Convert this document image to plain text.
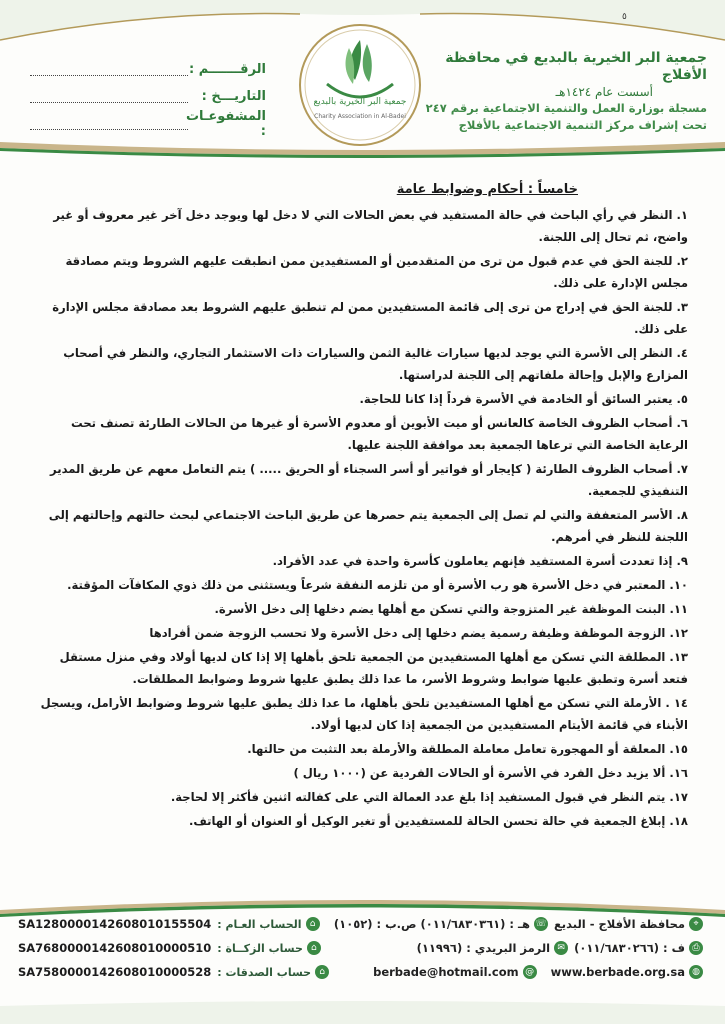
٥
جمعية البر الخيرية بالبديع في محافظة الأفلاج
أسست عام ١٤٢٤هـ
مسجلة بوزارة العمل والتنمية الاجتماعية برقم ٢٤٧
تحت إشراف مركز التنمية الاجتماعية بالأفلاج
جمعية البر الخيرية بالبديع
Charity Association in Al-Badei
الرقـــــــم :
التاريـــخ :
المشفوعـات :
خامساً : أحكام وضوابط عامة
١. النظر في رأي الباحث في حالة المستفيد في بعض الحالات التي لا دخل لها ويوجد دخل آخر غير معروف أو غير واضح، ثم تحال إلى اللجنة.
٢. للجنة الحق في عدم قبول من ترى من المتقدمين أو المستفيدين ممن انطبقت عليهم الشروط ويتم مصادقة مجلس الإدارة على ذلك.
٣. للجنة الحق في إدراج من ترى إلى قائمة المستفيدين ممن لم تنطبق عليهم الشروط بعد مصادقة مجلس الإدارة على ذلك.
٤. النظر إلى الأسرة التي يوجد لديها سيارات غالية الثمن والسيارات ذات الاستثمار التجاري، والنظر في أصحاب المزارع والإبل وإحالة ملفاتهم إلى اللجنة لدراستها.
٥. يعتبر السائق أو الخادمة في الأسرة فرداً إذا كانا للحاجة.
٦. أصحاب الظروف الخاصة كالعانس أو ميت الأبوين أو معدوم الأسرة أو غيرها من الحالات الطارئة تصنف تحت الرعاية الخاصة التي ترعاها الجمعية بعد موافقة اللجنة عليها.
٧. أصحاب الظروف الطارئة ( كإيجار أو فواتير أو أسر السجناء أو الحريق ..... ) يتم التعامل معهم عن طريق المدير التنفيذي للجمعية.
٨. الأسر المتعففة والتي لم تصل إلى الجمعية يتم حصرها عن طريق الباحث الاجتماعي لبحث حالتهم وإحالتهم إلى اللجنة للنظر في أمرهم.
٩. إذا تعددت أسرة المستفيد فإنهم يعاملون كأسرة واحدة في عدد الأفراد.
١٠. المعتبر في دخل الأسرة هو رب الأسرة أو من تلزمه النفقة شرعاً ويستثنى من ذلك ذوي المكافآت المؤقتة.
١١. البنت الموظفة غير المتزوجة والتي تسكن مع أهلها يضم دخلها إلى دخل الأسرة.
١٢. الزوجة الموظفة وظيفة رسمية يضم دخلها إلى دخل الأسرة ولا تحسب الزوجة ضمن أفرادها
١٣. المطلقة التي تسكن مع أهلها المستفيدين من الجمعية تلحق بأهلها إلا إذا كان لديها أولاد وفي منزل مستقل فتعد أسرة وتطبق عليها ضوابط وشروط الأسر، ما عدا ذلك يطبق عليها شروط وضوابط المطلقات.
١٤ . الأرملة التي تسكن مع أهلها المستفيدين تلحق بأهلها، ما عدا ذلك يطبق عليها شروط وضوابط الأرامل، ويسجل الأبناء في قائمة الأيتام المستفيدين من الجمعية إذا كان لديها أولاد.
١٥. المعلقة أو المهجورة تعامل معاملة المطلقة والأرملة بعد التثبت من حالتها.
١٦. ألا يزيد دخل الفرد في الأسرة أو الحالات الفردية عن (١٠٠٠ ريال )
١٧. يتم النظر في قبول المستفيد إذا بلغ عدد العمالة التي على كفالته اثنين فأكثر إلا لحاجة.
١٨. إبلاغ الجمعية في حالة تحسن الحالة للمستفيدين أو تغير الوكيل أو العنوان أو الهاتف.
⌖
محافظة الأفلاج - البديع
☏
هـ : (٠١١/٦٨٣٠٣٦١) ص.ب : (١٠٥٢)
⎙
ف : (٠١١/٦٨٣٠٢٦٦)
✉
الرمز البريدي : (١١٩٩٦)
◍
www.berbade.org.sa
@
berbade@hotmail.com
⌂
الحساب العـام :
SA1280000142608010155504
⌂
حساب الزكــاة :
SA7680000142608010000510
⌂
حساب الصدقات :
SA7580000142608010000528
